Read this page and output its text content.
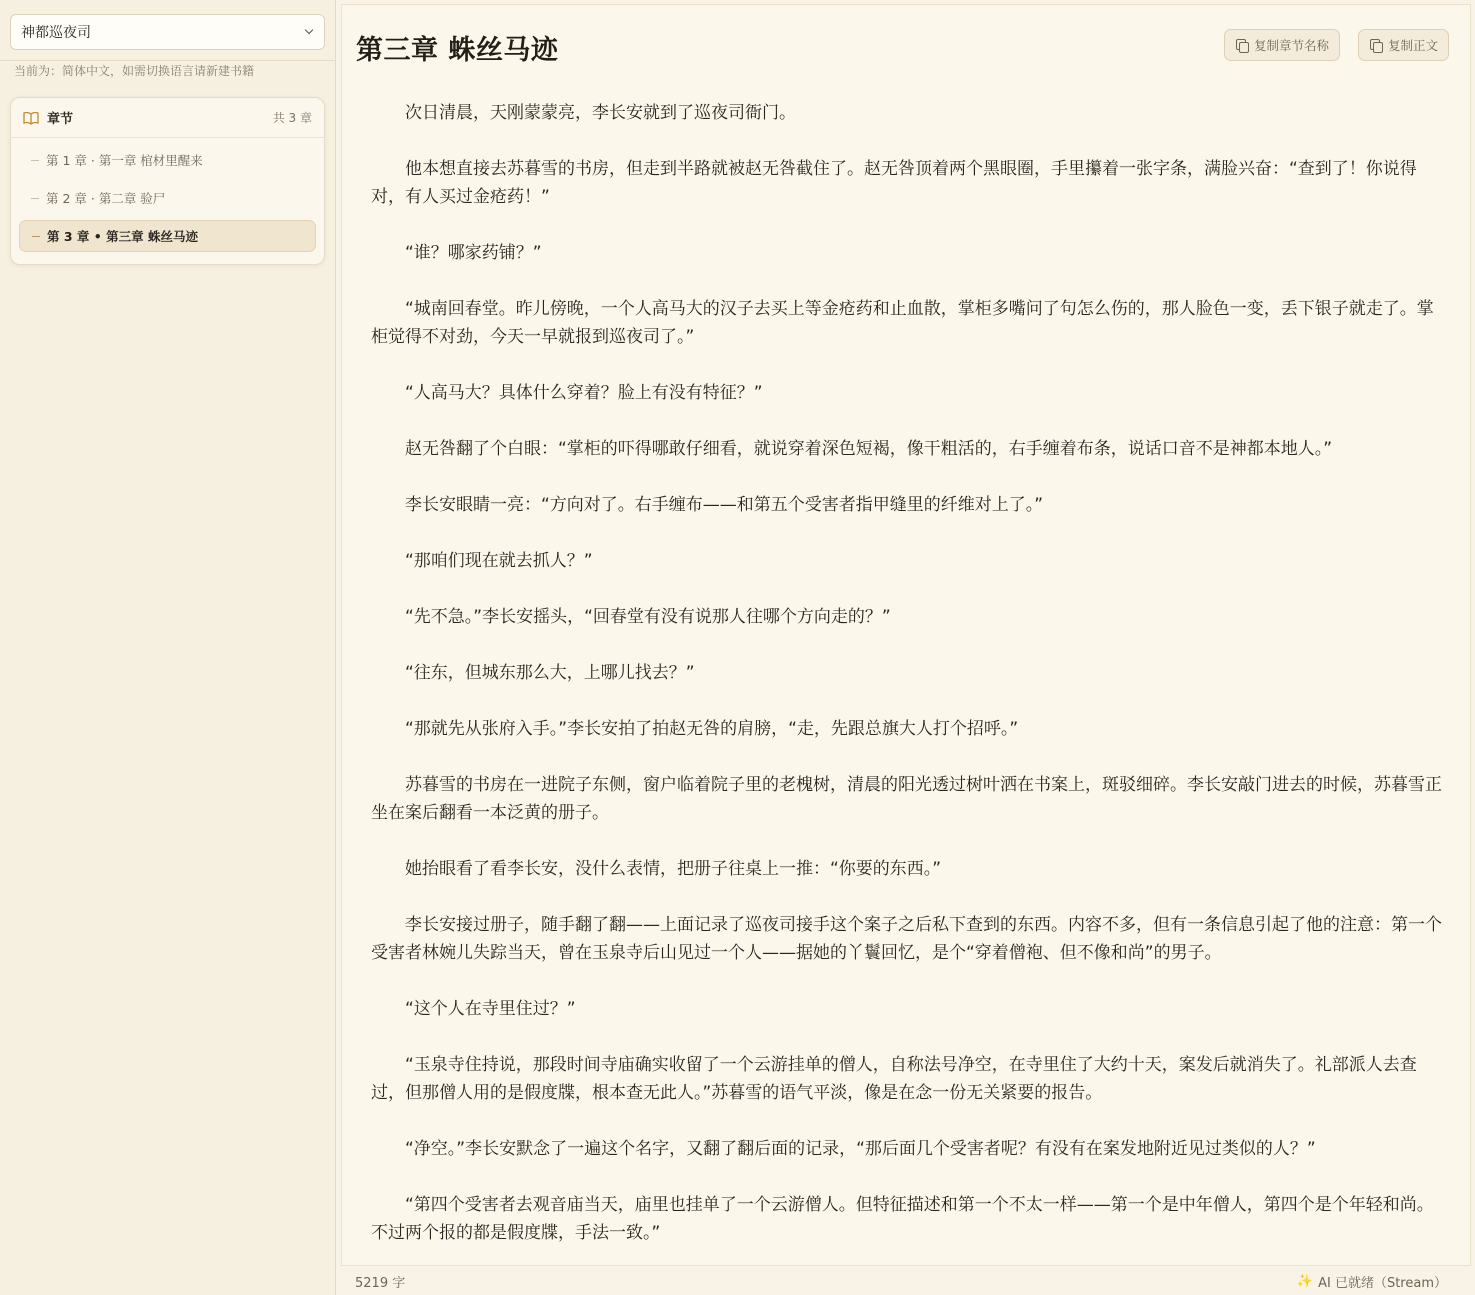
神都巡夜司
当前为：简体中文，如需切换语言请新建书籍
章节	共 3 章
第 1 章 · 第一章 棺材里醒来
第 2 章 · 第二章 验尸
第 3 章 • 第三章 蛛丝马迹
第三章 蛛丝马迹	复制章节名称	复制正文

次日清晨，天刚蒙蒙亮，李长安就到了巡夜司衙门。

他本想直接去苏暮雪的书房，但走到半路就被赵无咎截住了。赵无咎顶着两个黑眼圈，手里攥着一张字条，满脸兴奋：“查到了！你说得对，有人买过金疮药！”

“谁？哪家药铺？”

“城南回春堂。昨儿傍晚，一个人高马大的汉子去买上等金疮药和止血散，掌柜多嘴问了句怎么伤的，那人脸色一变，丢下银子就走了。掌柜觉得不对劲，今天一早就报到巡夜司了。”

“人高马大？具体什么穿着？脸上有没有特征？”

赵无咎翻了个白眼：“掌柜的吓得哪敢仔细看，就说穿着深色短褐，像干粗活的，右手缠着布条，说话口音不是神都本地人。”

李长安眼睛一亮：“方向对了。右手缠布——和第五个受害者指甲缝里的纤维对上了。”

“那咱们现在就去抓人？”

“先不急。”李长安摇头，“回春堂有没有说那人往哪个方向走的？”

“往东，但城东那么大，上哪儿找去？”

“那就先从张府入手。”李长安拍了拍赵无咎的肩膀，“走，先跟总旗大人打个招呼。”

苏暮雪的书房在一进院子东侧，窗户临着院子里的老槐树，清晨的阳光透过树叶洒在书案上，斑驳细碎。李长安敲门进去的时候，苏暮雪正坐在案后翻看一本泛黄的册子。

她抬眼看了看李长安，没什么表情，把册子往桌上一推：“你要的东西。”

李长安接过册子，随手翻了翻——上面记录了巡夜司接手这个案子之后私下查到的东西。内容不多，但有一条信息引起了他的注意：第一个受害者林婉儿失踪当天，曾在玉泉寺后山见过一个人——据她的丫鬟回忆，是个“穿着僧袍、但不像和尚”的男子。

“这个人在寺里住过？”

“玉泉寺住持说，那段时间寺庙确实收留了一个云游挂单的僧人，自称法号净空，在寺里住了大约十天，案发后就消失了。礼部派人去查过，但那僧人用的是假度牒，根本查无此人。”苏暮雪的语气平淡，像是在念一份无关紧要的报告。

“净空。”李长安默念了一遍这个名字，又翻了翻后面的记录，“那后面几个受害者呢？有没有在案发地附近见过类似的人？”

“第四个受害者去观音庙当天，庙里也挂单了一个云游僧人。但特征描述和第一个不太一样——第一个是中年僧人，第四个是个年轻和尚。不过两个报的都是假度牒，手法一致。”

5219 字	✨ AI 已就绪（Stream）
